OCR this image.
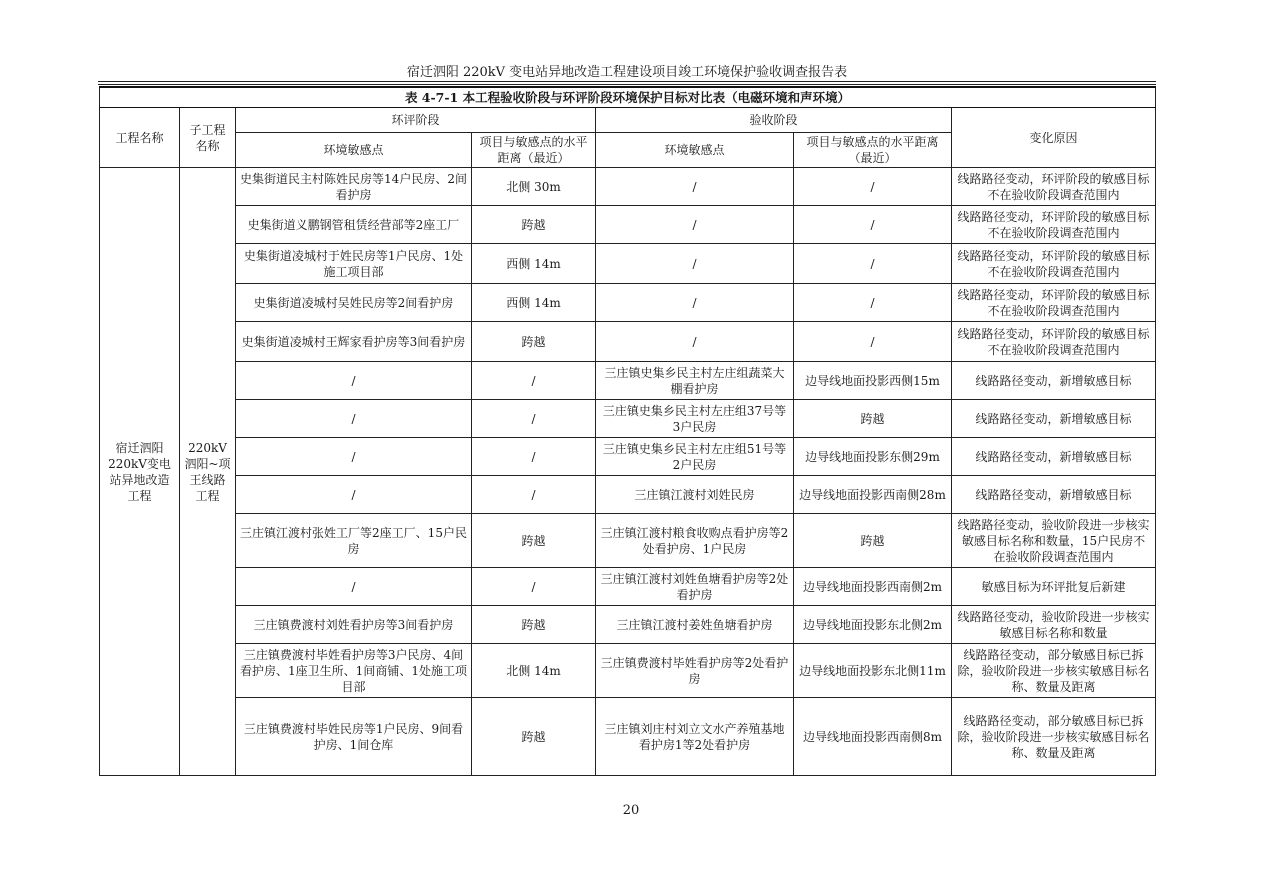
宿迁泗阳 220kV 变电站异地改造工程建设项目竣工环境保护验收调查报告表
表 4-7-1 本工程验收阶段与环评阶段环境保护目标对比表（电磁环境和声环境）						
工程名称	子工程名称	环评阶段		验收阶段		变化原因
		环境敏感点	项目与敏感点的水平距离（最近）	环境敏感点	项目与敏感点的水平距离（最近）	
宿迁泗阳220kV变电站异地改造工程	220kV泗阳~项王线路工程	史集街道民主村陈姓民房等14户民房、2间看护房	北侧 30m	/	/	线路路径变动，环评阶段的敏感目标不在验收阶段调查范围内
		史集街道义鹏钢管租赁经营部等2座工厂	跨越	/	/	线路路径变动，环评阶段的敏感目标不在验收阶段调查范围内
		史集街道凌城村于姓民房等1户民房、1处施工项目部	西侧 14m	/	/	线路路径变动，环评阶段的敏感目标不在验收阶段调查范围内
		史集街道凌城村吴姓民房等2间看护房	西侧 14m	/	/	线路路径变动，环评阶段的敏感目标不在验收阶段调查范围内
		史集街道凌城村王辉家看护房等3间看护房	跨越	/	/	线路路径变动，环评阶段的敏感目标不在验收阶段调查范围内
		/	/	三庄镇史集乡民主村左庄组蔬菜大棚看护房	边导线地面投影西侧15m	线路路径变动，新增敏感目标
		/	/	三庄镇史集乡民主村左庄组37号等3户民房	跨越	线路路径变动，新增敏感目标
		/	/	三庄镇史集乡民主村左庄组51号等2户民房	边导线地面投影东侧29m	线路路径变动，新增敏感目标
		/	/	三庄镇江渡村刘姓民房	边导线地面投影西南侧28m	线路路径变动，新增敏感目标
		三庄镇江渡村张姓工厂等2座工厂、15户民房	跨越	三庄镇江渡村粮食收购点看护房等2处看护房、1户民房	跨越	线路路径变动，验收阶段进一步核实敏感目标名称和数量，15户民房不在验收阶段调查范围内
		/	/	三庄镇江渡村刘姓鱼塘看护房等2处看护房	边导线地面投影西南侧2m	敏感目标为环评批复后新建
		三庄镇费渡村刘姓看护房等3间看护房	跨越	三庄镇江渡村姜姓鱼塘看护房	边导线地面投影东北侧2m	线路路径变动，验收阶段进一步核实敏感目标名称和数量
		三庄镇费渡村毕姓看护房等3户民房、4间看护房、1座卫生所、1间商铺、1处施工项目部	北侧 14m	三庄镇费渡村毕姓看护房等2处看护房	边导线地面投影东北侧11m	线路路径变动，部分敏感目标已拆除，验收阶段进一步核实敏感目标名称、数量及距离
		三庄镇费渡村毕姓民房等1户民房、9间看护房、1间仓库	跨越	三庄镇刘庄村刘立文水产养殖基地看护房1等2处看护房	边导线地面投影西南侧8m	线路路径变动，部分敏感目标已拆除，验收阶段进一步核实敏感目标名称、数量及距离
20
